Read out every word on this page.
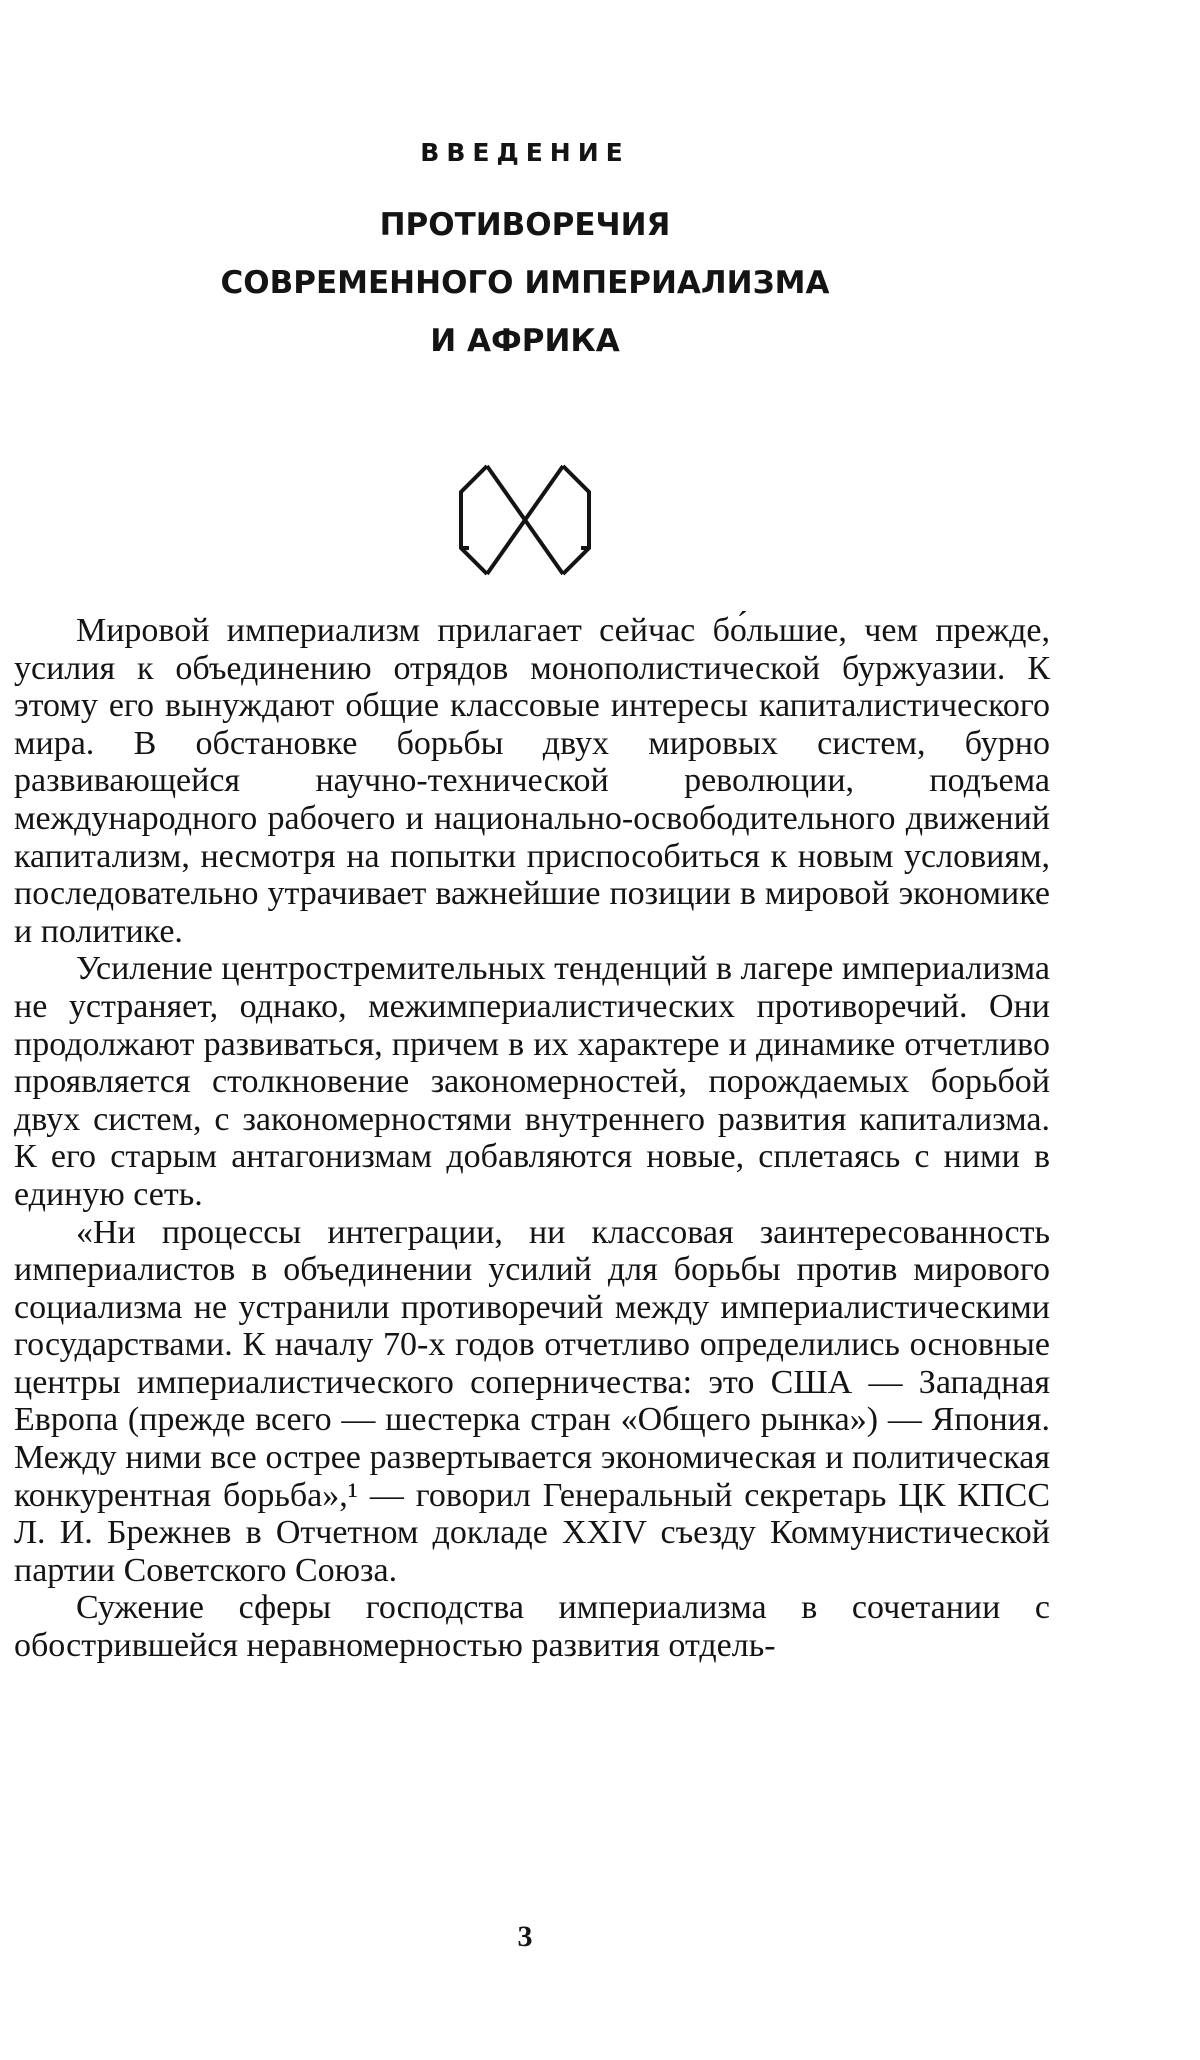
ВВЕДЕНИЕ
ПРОТИВОРЕЧИЯ
СОВРЕМЕННОГО ИМПЕРИАЛИЗМА
И АФРИКА

Мировой империализм прилагает сейчас бо́льшие, чем прежде, усилия к объединению отрядов монополистической буржуазии. К этому его вынуждают общие классовые интересы капиталистического мира. В обстановке борьбы двух мировых систем, бурно развивающейся научно-технической революции, подъема международного рабочего и национально-освободительного движений капитализм, несмотря на попытки приспособиться к новым условиям, последовательно утрачивает важнейшие позиции в мировой экономике и политике.

Усиление центростремительных тенденций в лагере империализма не устраняет, однако, межимпериалистических противоречий. Они продолжают развиваться, причем в их характере и динамике отчетливо проявляется столкновение закономерностей, порождаемых борьбой двух систем, с закономерностями внутреннего развития капитализма. К его старым антагонизмам добавляются новые, сплетаясь с ними в единую сеть.

«Ни процессы интеграции, ни классовая заинтересованность империалистов в объединении усилий для борьбы против мирового социализма не устранили противоречий между империалистическими государствами. К началу 70-х годов отчетливо определились основные центры империалистического соперничества: это США — Западная Европа (прежде всего — шестерка стран «Общего рынка») — Япония. Между ними все острее развертывается экономическая и политическая конкурентная борьба»,¹ — говорил Генеральный секретарь ЦК КПСС Л. И. Брежнев в Отчетном докладе XXIV съезду Коммунистической партии Советского Союза.

Сужение сферы господства империализма в сочетании с обострившейся неравномерностью развития отдель-

3
